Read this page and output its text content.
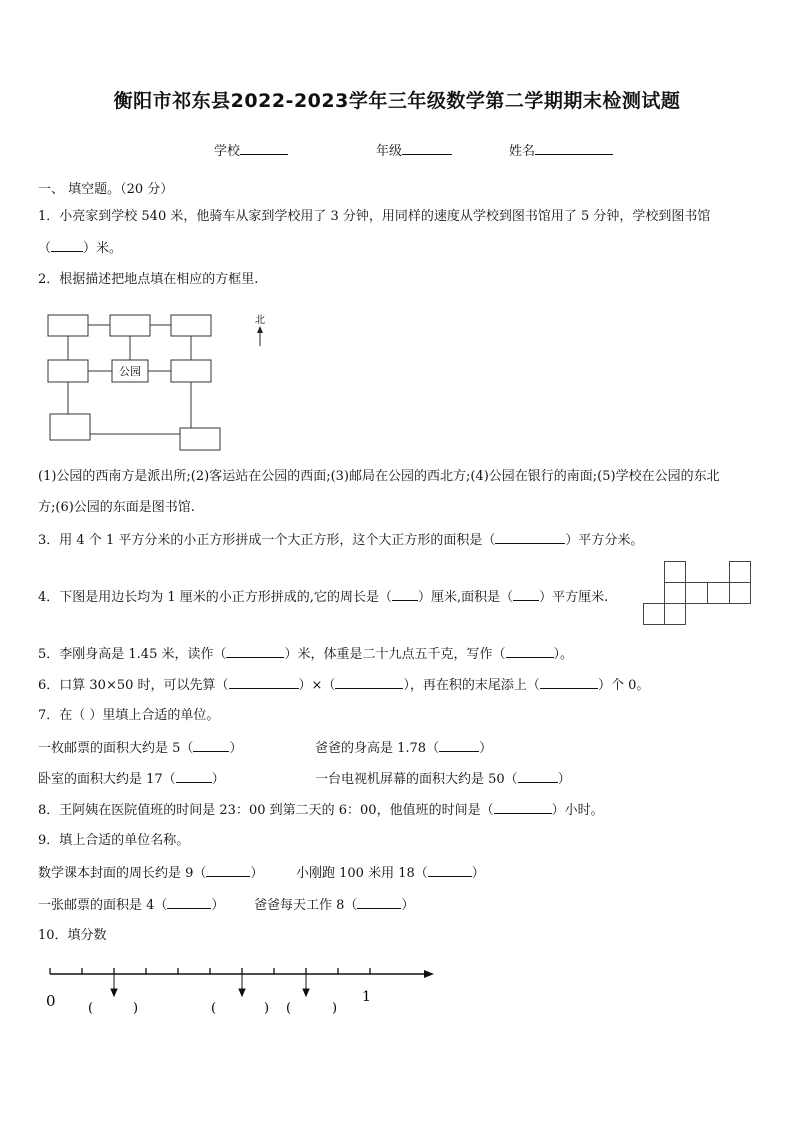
衡阳市祁东县2022-2023学年三年级数学第二学期期末检测试题
学校	年级	姓名
一、 填空题。（20 分）
1．小亮家到学校 540 米，他骑车从家到学校用了 3 分钟，用同样的速度从学校到图书馆用了 5 分钟，学校到图书馆
（ ）米。
2．根据描述把地点填在相应的方框里.
公园
北
(1)公园的西南方是派出所;(2)客运站在公园的西面;(3)邮局在公园的西北方;(4)公园在银行的南面;(5)学校在公园的东北
方;(6)公园的东面是图书馆.
3．用 4 个 1 平方分米的小正方形拼成一个大正方形，这个大正方形的面积是（	）平方分米。
4．下图是用边长均为 1 厘米的小正方形拼成的,它的周长是（ ）厘米,面积是（ ）平方厘米.
5．李刚身高是 1.45 米，读作（	）米，体重是二十九点五千克，写作（	）。
6．口算 30×50 时，可以先算（	）×（	），再在积的末尾添上（	）个 0。
7．在（ ）里填上合适的单位。
一枚邮票的面积大约是 5（	）	爸爸的身高是 1.78（	）
卧室的面积大约是 17（	）	一台电视机屏幕的面积大约是 50（	）
8．王阿姨在医院值班的时间是 23：00 到第二天的 6：00，他值班的时间是（	）小时。
9．填上合适的单位名称。
数学课本封面的周长约是 9（	）	小刚跑 100 米用 18（	）
一张邮票的面积是 4（	） 爸爸每天工作 8（	）
10．填分数
0	1
(	)	(	) (	)
